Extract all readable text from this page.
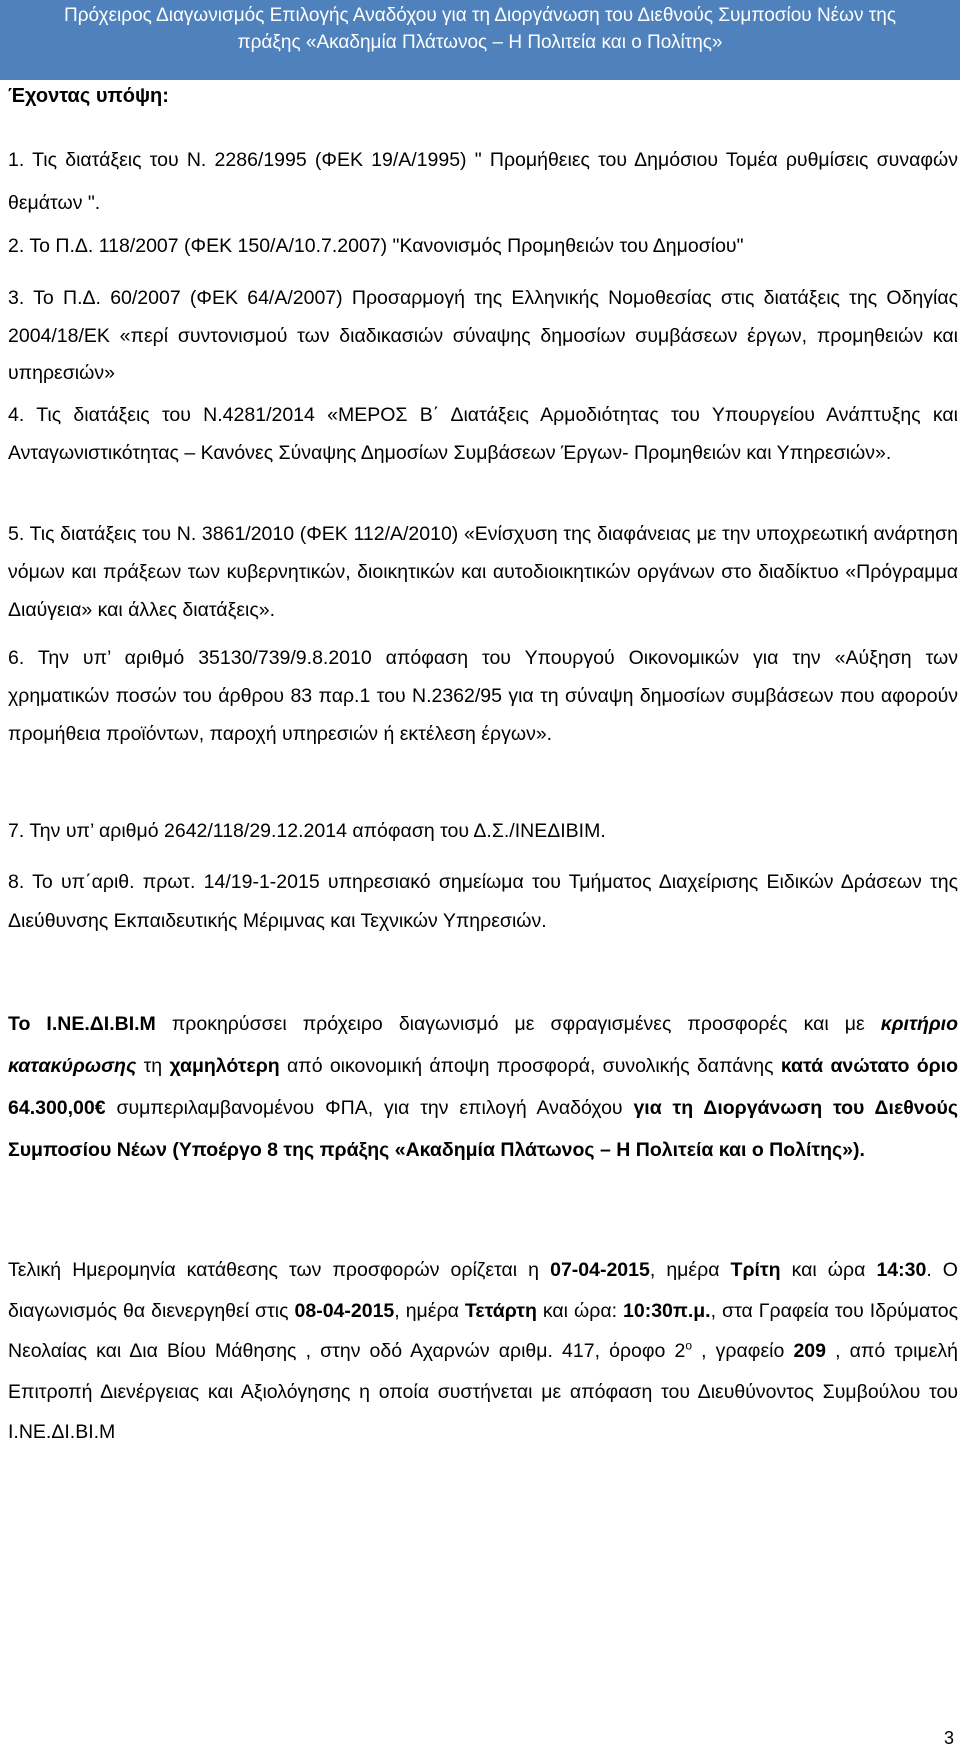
Πρόχειρος Διαγωνισμός Επιλογής Αναδόχου για τη Διοργάνωση του Διεθνούς Συμποσίου Νέων της
πράξης «Ακαδημία Πλάτωνος – Η Πολιτεία και ο Πολίτης»
Έχοντας υπόψη:
1. Τις διατάξεις του Ν. 2286/1995 (ΦΕΚ 19/Α/1995) " Προμήθειες του Δημόσιου Τομέα ρυθμίσεις συναφών θεμάτων ".
2. Το Π.Δ. 118/2007 (ΦΕΚ 150/Α/10.7.2007) "Κανονισμός Προμηθειών του Δημοσίου"
3. Το Π.Δ. 60/2007 (ΦΕΚ 64/Α/2007) Προσαρμογή της Ελληνικής Νομοθεσίας στις διατάξεις της Οδηγίας 2004/18/ΕΚ «περί συντονισμού των διαδικασιών σύναψης δημοσίων συμβάσεων έργων, προμηθειών και υπηρεσιών»
4. Τις διατάξεις του Ν.4281/2014 «ΜΕΡΟΣ Β΄ Διατάξεις Αρμοδιότητας του Υπουργείου Ανάπτυξης και Ανταγωνιστικότητας – Κανόνες Σύναψης Δημοσίων Συμβάσεων Έργων- Προμηθειών και Υπηρεσιών».
5. Τις διατάξεις του Ν. 3861/2010 (ΦΕΚ 112/Α/2010) «Ενίσχυση της διαφάνειας με την υποχρεωτική ανάρτηση νόμων και πράξεων των κυβερνητικών, διοικητικών και αυτοδιοικητικών οργάνων στο διαδίκτυο «Πρόγραμμα Διαύγεια» και άλλες διατάξεις».
6. Την υπ’ αριθμό 35130/739/9.8.2010 απόφαση του Υπουργού Οικονομικών για την «Αύξηση των χρηματικών ποσών του άρθρου 83 παρ.1 του Ν.2362/95 για τη σύναψη δημοσίων συμβάσεων που αφορούν προμήθεια προϊόντων, παροχή υπηρεσιών ή εκτέλεση έργων».
7. Την υπ’ αριθμό 2642/118/29.12.2014 απόφαση του Δ.Σ./ΙΝΕΔΙΒΙΜ.
8. Το υπ΄αριθ. πρωτ. 14/19-1-2015 υπηρεσιακό σημείωμα του Τμήματος Διαχείρισης Ειδικών Δράσεων της Διεύθυνσης Εκπαιδευτικής Μέριμνας και Τεχνικών Υπηρεσιών.
Το Ι.ΝΕ.ΔΙ.ΒΙ.Μ προκηρύσσει πρόχειρο διαγωνισμό με σφραγισμένες προσφορές και με κριτήριο κατακύρωσης τη χαμηλότερη από οικονομική άποψη προσφορά, συνολικής δαπάνης κατά ανώτατο όριο 64.300,00€ συμπεριλαμβανομένου ΦΠΑ, για την επιλογή Αναδόχου για τη Διοργάνωση του Διεθνούς Συμποσίου Νέων (Υποέργο 8 της πράξης «Ακαδημία Πλάτωνος – Η Πολιτεία και ο Πολίτης»).
Τελική Ημερομηνία κατάθεσης των προσφορών ορίζεται η 07-04-2015, ημέρα Τρίτη και ώρα 14:30. Ο διαγωνισμός θα διενεργηθεί στις 08-04-2015, ημέρα Τετάρτη και ώρα: 10:30π.μ., στα Γραφεία του Ιδρύματος Νεολαίας και Δια Βίου Μάθησης , στην οδό Αχαρνών αριθμ. 417, όροφο $2^o$ , γραφείο 209 , από τριμελή Επιτροπή Διενέργειας και Αξιολόγησης η οποία συστήνεται με απόφαση του Διευθύνοντος Συμβούλου του Ι.ΝΕ.ΔΙ.ΒΙ.Μ
3
